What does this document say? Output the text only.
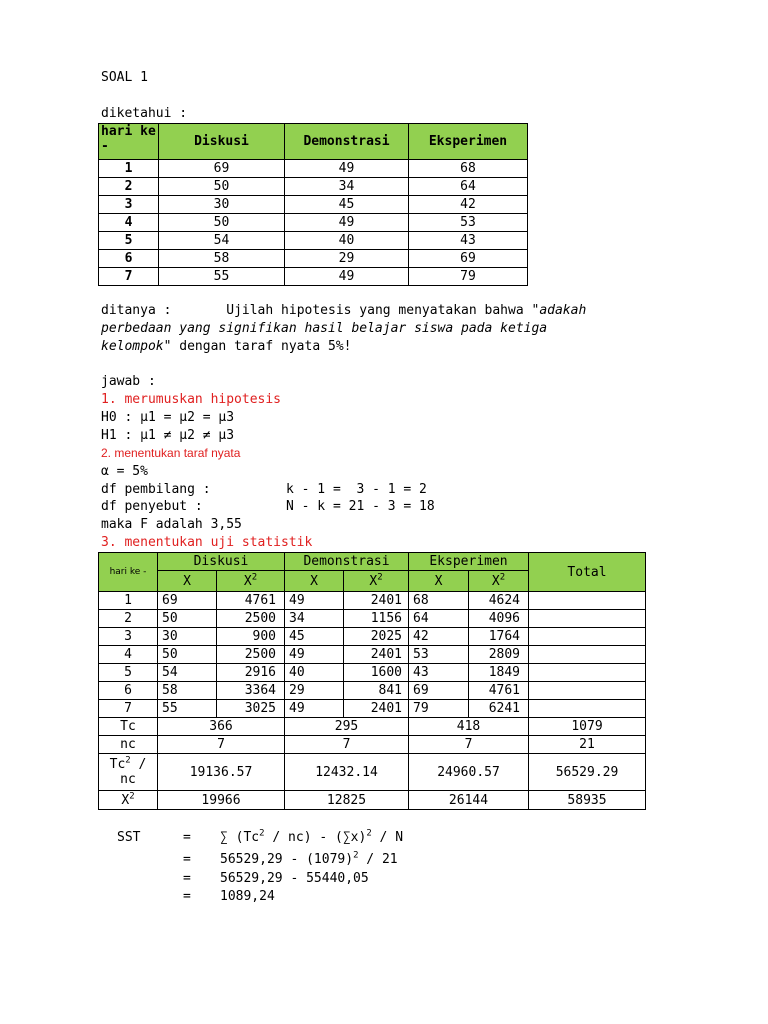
SOAL 1
diketahui :
hari ke -	Diskusi	Demonstrasi	Eksperimen
1	69	49	68
2	50	34	64
3	30	45	42
4	50	49	53
5	54	40	43
6	58	29	69
7	55	49	79
ditanya :	Ujilah hipotesis yang menyatakan bahwa "adakah
perbedaan yang signifikan hasil belajar siswa pada ketiga
kelompok" dengan taraf nyata 5%!
jawab :
1. merumuskan hipotesis
H0 : μ1 = μ2 = μ3
H1 : μ1 ≠ μ2 ≠ μ3
2. menentukan taraf nyata
α = 5%
df pembilang :	k - 1 =  3 - 1 = 2
df penyebut :	N - k = 21 - 3 = 18
maka F adalah 3,55
3. menentukan uji statistik
hari ke -	Diskusi		Demonstrasi		Eksperimen		Total
	X	$X^2$	X	$X^2$	X	$X^2$
1	69	4761	49	2401	68	4624	
2	50	2500	34	1156	64	4096	
3	30	900	45	2025	42	1764	
4	50	2500	49	2401	53	2809	
5	54	2916	40	1600	43	1849	
6	58	3364	29	841	69	4761	
7	55	3025	49	2401	79	6241	
Tc	366		295		418		1079
nc	7		7		7		21
Tc$^2$ / nc	19136.57		12432.14		24960.57		56529.29
$X^2$	19966		12825		26144		58935
SST	= ∑ $(Tc^2 / nc) - (\sum x)^2$ / N
= $56529,29 - (1079)^2 / 21$
= 56529,29 - 55440,05
= 1089,24
